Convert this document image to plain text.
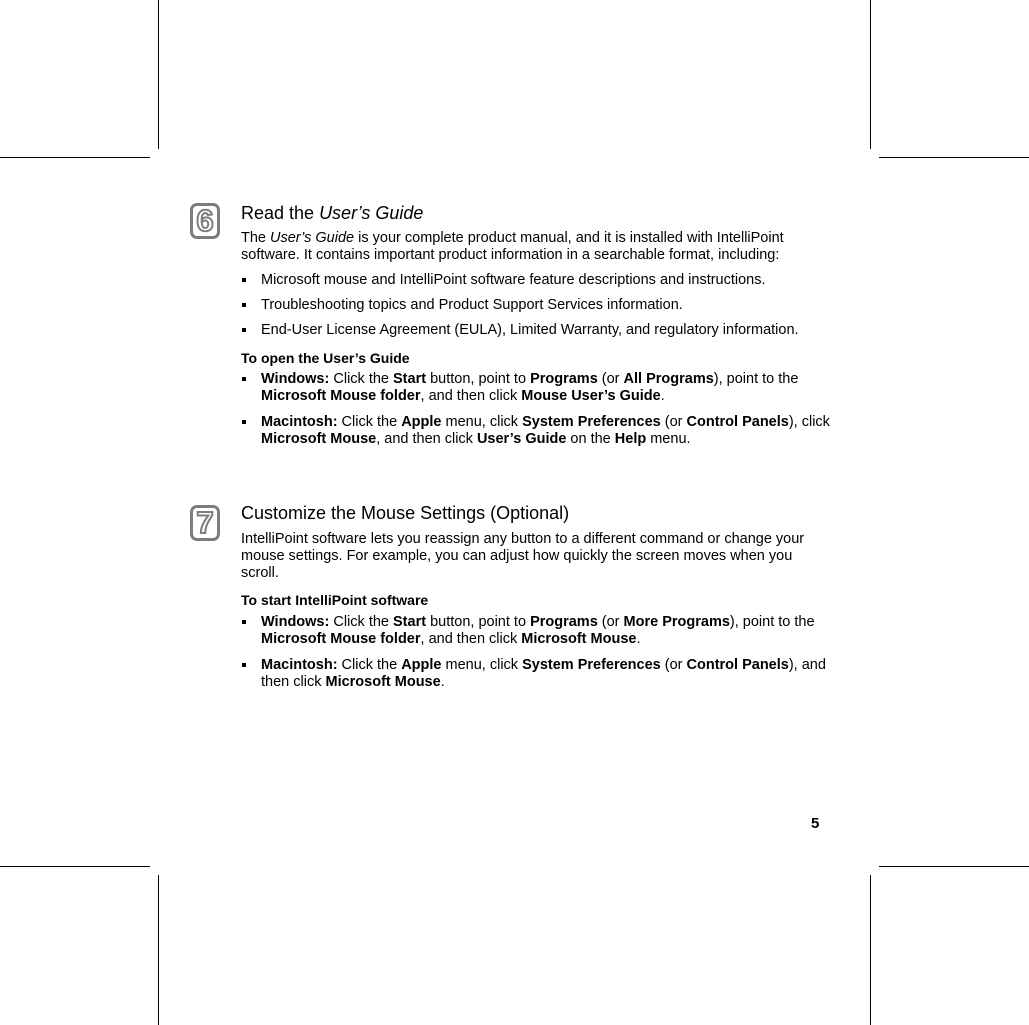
6 Read the User’s Guide

The User’s Guide is your complete product manual, and it is installed with IntelliPoint software. It contains important product information in a searchable format, including:

Microsoft mouse and IntelliPoint software feature descriptions and instructions.
Troubleshooting topics and Product Support Services information.
End-User License Agreement (EULA), Limited Warranty, and regulatory information.

To open the User’s Guide

Windows: Click the Start button, point to Programs (or All Programs), point to the Microsoft Mouse folder, and then click Mouse User’s Guide.
Macintosh: Click the Apple menu, click System Preferences (or Control Panels), click Microsoft Mouse, and then click User’s Guide on the Help menu.
7 Customize the Mouse Settings (Optional)

IntelliPoint software lets you reassign any button to a different command or change your mouse settings. For example, you can adjust how quickly the screen moves when you scroll.

To start IntelliPoint software

Windows: Click the Start button, point to Programs (or More Programs), point to the Microsoft Mouse folder, and then click Microsoft Mouse.
Macintosh: Click the Apple menu, click System Preferences (or Control Panels), and then click Microsoft Mouse.
5
